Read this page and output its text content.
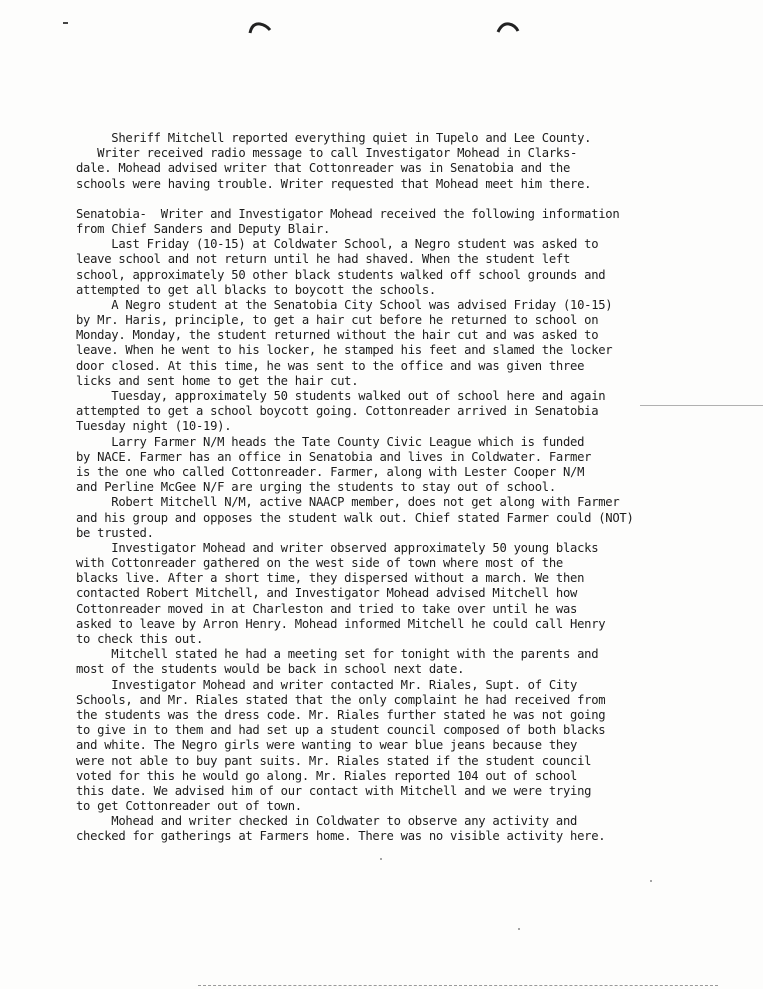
Sheriff Mitchell reported everything quiet in Tupelo and Lee County.
Writer received radio message to call Investigator Mohead in Clarks-
dale. Mohead advised writer that Cottonreader was in Senatobia and the
schools were having trouble. Writer requested that Mohead meet him there.
Senatobia-  Writer and Investigator Mohead received the following information
from Chief Sanders and Deputy Blair.
Last Friday (10-15) at Coldwater School, a Negro student was asked to
leave school and not return until he had shaved. When the student left
school, approximately 50 other black students walked off school grounds and
attempted to get all blacks to boycott the schools.
A Negro student at the Senatobia City School was advised Friday (10-15)
by Mr. Haris, principle, to get a hair cut before he returned to school on
Monday. Monday, the student returned without the hair cut and was asked to
leave. When he went to his locker, he stamped his feet and slamed the locker
door closed. At this time, he was sent to the office and was given three
licks and sent home to get the hair cut.
Tuesday, approximately 50 students walked out of school here and again
attempted to get a school boycott going. Cottonreader arrived in Senatobia
Tuesday night (10-19).
Larry Farmer N/M heads the Tate County Civic League which is funded
by NACE. Farmer has an office in Senatobia and lives in Coldwater. Farmer
is the one who called Cottonreader. Farmer, along with Lester Cooper N/M
and Perline McGee N/F are urging the students to stay out of school.
Robert Mitchell N/M, active NAACP member, does not get along with Farmer
and his group and opposes the student walk out. Chief stated Farmer could (NOT)
be trusted.
Investigator Mohead and writer observed approximately 50 young blacks
with Cottonreader gathered on the west side of town where most of the
blacks live. After a short time, they dispersed without a march. We then
contacted Robert Mitchell, and Investigator Mohead advised Mitchell how
Cottonreader moved in at Charleston and tried to take over until he was
asked to leave by Arron Henry. Mohead informed Mitchell he could call Henry
to check this out.
Mitchell stated he had a meeting set for tonight with the parents and
most of the students would be back in school next date.
Investigator Mohead and writer contacted Mr. Riales, Supt. of City
Schools, and Mr. Riales stated that the only complaint he had received from
the students was the dress code. Mr. Riales further stated he was not going
to give in to them and had set up a student council composed of both blacks
and white. The Negro girls were wanting to wear blue jeans because they
were not able to buy pant suits. Mr. Riales stated if the student council
voted for this he would go along. Mr. Riales reported 104 out of school
this date. We advised him of our contact with Mitchell and we were trying
to get Cottonreader out of town.
Mohead and writer checked in Coldwater to observe any activity and
checked for gatherings at Farmers home. There was no visible activity here.
